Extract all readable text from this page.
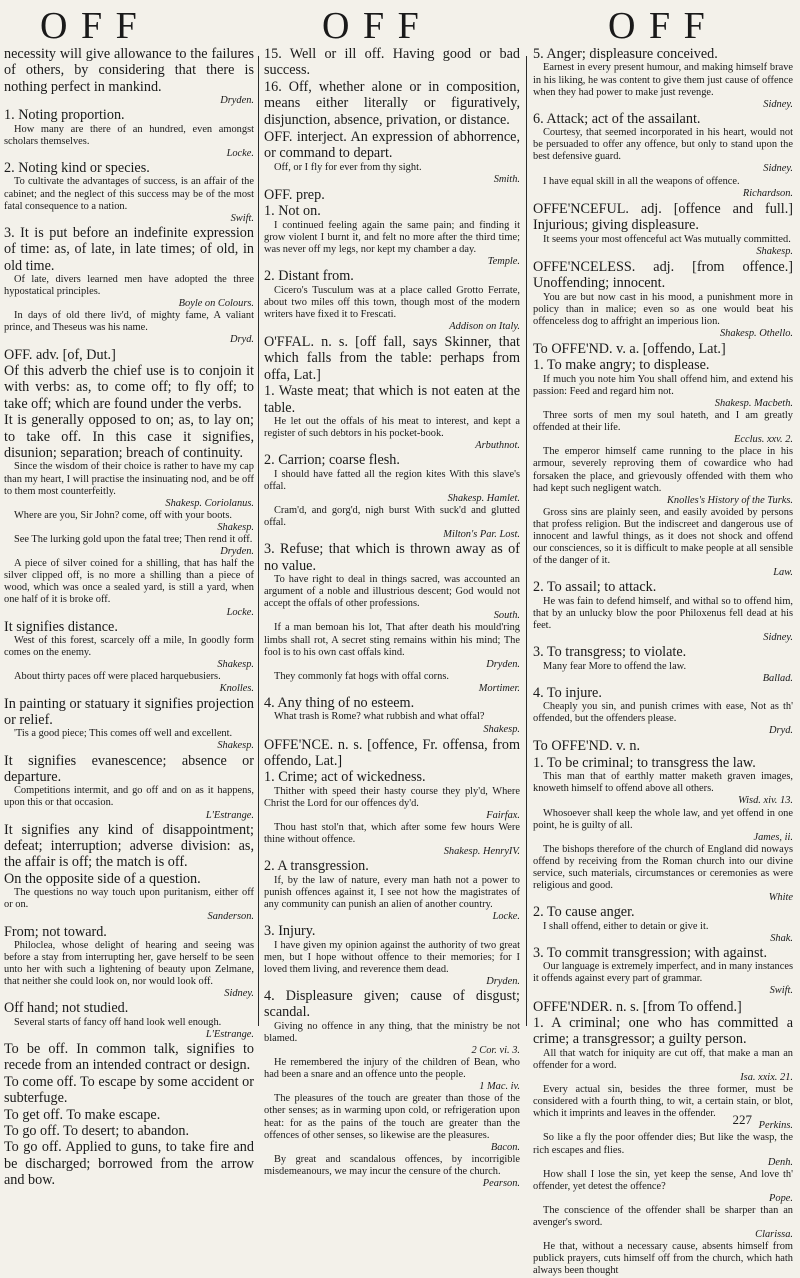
O F F	O F F	O F F

necessity will give allowance to the failures of others, by considering that there is nothing perfect in mankind.

Dryden.

1. Noting proportion.

How many are there of an hundred, even amongst scholars themselves.

Locke.

2. Noting kind or species.

To cultivate the advantages of success, is an affair of the cabinet; and the neglect of this success may be of the most fatal consequence to a nation.

Swift.

3. It is put before an indefinite expression of time: as, of late, in late times; of old, in old time.

Of late, divers learned men have adopted the three hypostatical principles.

Boyle on Colours.

In days of old there liv'd, of mighty fame, A valiant prince, and Theseus was his name.

Dryd.

OFF. adv. [of, Dut.]

Of this adverb the chief use is to conjoin it with verbs: as, to come off; to fly off; to take off; which are found under the verbs.

It is generally opposed to on; as, to lay on; to take off. In this case it signifies, disunion; separation; breach of continuity.

Since the wisdom of their choice is rather to have my cap than my heart, I will practise the insinuating nod, and be off to them most counterfeitly.

Shakesp. Coriolanus.

Where are you, Sir John? come, off with your boots.

Shakesp.

See The lurking gold upon the fatal tree; Then rend it off.

Dryden.

A piece of silver coined for a shilling, that has half the silver clipped off, is no more a shilling than a piece of wood, which was once a sealed yard, is still a yard, when one half of it is broke off.

Locke.

It signifies distance.

West of this forest, scarcely off a mile, In goodly form comes on the enemy.

Shakesp.

About thirty paces off were placed harquebusiers.

Knolles.

In painting or statuary it signifies projection or relief.

'Tis a good piece; This comes off well and excellent.

Shakesp.

It signifies evanescence; absence or departure.

Competitions intermit, and go off and on as it happens, upon this or that occasion.

L'Estrange.

It signifies any kind of disappointment; defeat; interruption; adverse division: as, the affair is off; the match is off.

On the opposite side of a question.

The questions no way touch upon puritanism, either off or on.

Sanderson.

From; not toward.

Philoclea, whose delight of hearing and seeing was before a stay from interrupting her, gave herself to be seen unto her with such a lightening of beauty upon Zelmane, that neither she could look on, nor would look off.

Sidney.

Off hand; not studied.

Several starts of fancy off hand look well enough.

L'Estrange.

To be off. In common talk, signifies to recede from an intended contract or design.

To come off. To escape by some accident or subterfuge.

To get off. To make escape.

To go off. To desert; to abandon.

To go off. Applied to guns, to take fire and be discharged; borrowed from the arrow and bow.

15. Well or ill off. Having good or bad success.

16. Off, whether alone or in composition, means either literally or figuratively, disjunction, absence, privation, or distance.

OFF. interject. An expression of abhorrence, or command to depart.

Off, or I fly for ever from thy sight.

Smith.

OFF. prep.

1. Not on.

I continued feeling again the same pain; and finding it grow violent I burnt it, and felt no more after the third time; was never off my legs, nor kept my chamber a day.

Temple.

2. Distant from.

Cicero's Tusculum was at a place called Grotto Ferrate, about two miles off this town, though most of the modern writers have fixed it to Frescati.

Addison on Italy.

O'FFAL. n. s. [off fall, says Skinner, that which falls from the table: perhaps from offa, Lat.]

1. Waste meat; that which is not eaten at the table.

He let out the offals of his meat to interest, and kept a register of such debtors in his pocket-book.

Arbuthnot.

2. Carrion; coarse flesh.

I should have fatted all the region kites With this slave's offal.

Shakesp. Hamlet.

Cram'd, and gorg'd, nigh burst With suck'd and glutted offal.

Milton's Par. Lost.

3. Refuse; that which is thrown away as of no value.

To have right to deal in things sacred, was accounted an argument of a noble and illustrious descent; God would not accept the offals of other professions.

South.

If a man bemoan his lot, That after death his mould'ring limbs shall rot, A secret sting remains within his mind; The fool is to his own cast offals kind.

Dryden.

They commonly fat hogs with offal corns.

Mortimer.

4. Any thing of no esteem.

What trash is Rome? what rubbish and what offal?

Shakesp.

OFFE'NCE. n. s. [offence, Fr. offensa, from offendo, Lat.]

1. Crime; act of wickedness.

Thither with speed their hasty course they ply'd, Where Christ the Lord for our offences dy'd.

Fairfax.

Thou hast stol'n that, which after some few hours Were thine without offence.

Shakesp. HenryIV.

2. A transgression.

If, by the law of nature, every man hath not a power to punish offences against it, I see not how the magistrates of any community can punish an alien of another country.

Locke.

3. Injury.

I have given my opinion against the authority of two great men, but I hope without offence to their memories; for I loved them living, and reverence them dead.

Dryden.

4. Displeasure given; cause of disgust; scandal.

Giving no offence in any thing, that the ministry be not blamed.

2 Cor. vi. 3.

He remembered the injury of the children of Bean, who had been a snare and an offence unto the people.

1 Mac. iv.

The pleasures of the touch are greater than those of the other senses; as in warming upon cold, or refrigeration upon heat: for as the pains of the touch are greater than the offences of other senses, so likewise are the pleasures.

Bacon.

By great and scandalous offences, by incorrigible misdemeanours, we may incur the censure of the church.

Pearson.

5. Anger; displeasure conceived.

Earnest in every present humour, and making himself brave in his liking, he was content to give them just cause of offence when they had power to make just revenge.

Sidney.

6. Attack; act of the assailant.

Courtesy, that seemed incorporated in his heart, would not be persuaded to offer any offence, but only to stand upon the best defensive guard.

Sidney.

I have equal skill in all the weapons of offence.

Richardson.

OFFE'NCEFUL. adj. [offence and full.] Injurious; giving displeasure.

It seems your most offenceful act Was mutually committed.

Shakesp.

OFFE'NCELESS. adj. [from offence.] Unoffending; innocent.

You are but now cast in his mood, a punishment more in policy than in malice; even so as one would beat his offenceless dog to affright an imperious lion.

Shakesp. Othello.

To OFFE'ND. v. a. [offendo, Lat.]

1. To make angry; to displease.

If much you note him You shall offend him, and extend his passion: Feed and regard him not.

Shakesp. Macbeth.

Three sorts of men my soul hateth, and I am greatly offended at their life.

Ecclus. xxv. 2.

The emperor himself came running to the place in his armour, severely reproving them of cowardice who had forsaken the place, and grievously offended with them who had kept such negligent watch.

Knolles's History of the Turks.

Gross sins are plainly seen, and easily avoided by persons that profess religion. But the indiscreet and dangerous use of innocent and lawful things, as it does not shock and offend our consciences, so it is difficult to make people at all sensible of the danger of it.

Law.

2. To assail; to attack.

He was fain to defend himself, and withal so to offend him, that by an unlucky blow the poor Philoxenus fell dead at his feet.

Sidney.

3. To transgress; to violate.

Many fear More to offend the law.

Ballad.

4. To injure.

Cheaply you sin, and punish crimes with ease, Not as th' offended, but the offenders please.

Dryd.

To OFFE'ND. v. n.

1. To be criminal; to transgress the law.

This man that of earthly matter maketh graven images, knoweth himself to offend above all others.

Wisd. xiv. 13.

Whosoever shall keep the whole law, and yet offend in one point, he is guilty of all.

James, ii.

The bishops therefore of the church of England did noways offend by receiving from the Roman church into our divine service, such materials, circumstances or ceremonies as were religious and good.

White

2. To cause anger.

I shall offend, either to detain or give it.

Shak.

3. To commit transgression; with against.

Our language is extremely imperfect, and in many instances it offends against every part of grammar.

Swift.

OFFE'NDER. n. s. [from To offend.]

1. A criminal; one who has committed a crime; a transgressor; a guilty person.

All that watch for iniquity are cut off, that make a man an offender for a word.

Isa. xxix. 21.

Every actual sin, besides the three former, must be considered with a fourth thing, to wit, a certain stain, or blot, which it imprints and leaves in the offender.

Perkins.

So like a fly the poor offender dies; But like the wasp, the rich escapes and flies.

Denh.

How shall I lose the sin, yet keep the sense, And love th' offender, yet detest the offence?

Pope.

The conscience of the offender shall be sharper than an avenger's sword.

Clarissa.

He that, without a necessary cause, absents himself from publick prayers, cuts himself off from the church, which hath always been thought

227
